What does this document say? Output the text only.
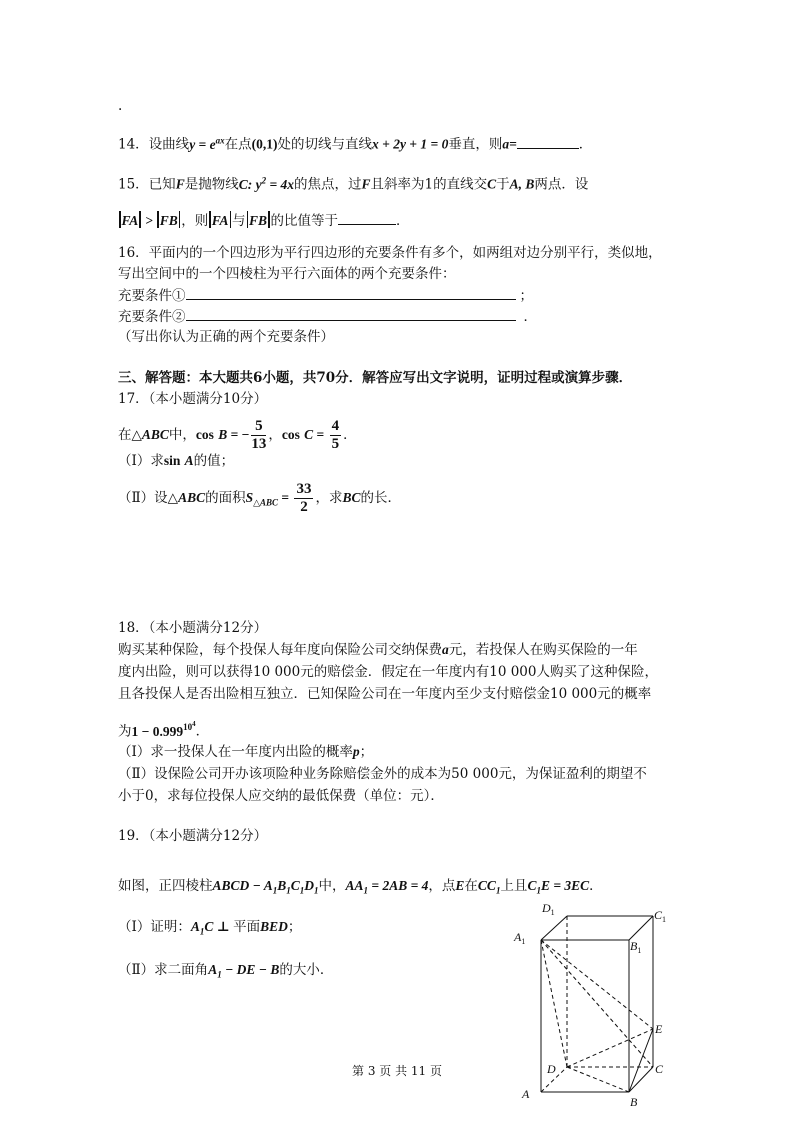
.
14．设曲线$y = e^{ax}$在点(0,1)处的切线与直线x + 2y + 1 = 0垂直，则a=	．
15．已知F是抛物线C: $y^2 = 4x$的焦点，过F且斜率为1的直线交C于A, B两点．设
FA > FB ，则 FA 与 FB 的比值等于	．
16．平面内的一个四边形为平行四边形的充要条件有多个，如两组对边分别平行，类似地，
写出空间中的一个四棱柱为平行六面体的两个充要条件：
充要条件①	；
充要条件②	．
（写出你认为正确的两个充要条件）
三、解答题：本大题共6小题，共70分．解答应写出文字说明，证明过程或演算步骤．
17．（本小题满分10分）
在△ABC中，cos B = − $\frac{5}{13}$ ，$\cos C = \frac{4}{5}$ ．
（Ⅰ）求sin A的值；
（Ⅱ）设△ABC的面积$S_{\triangle ABC} = \frac{33}{2}$ ，求BC的长．
18．（本小题满分12分）
购买某种保险，每个投保人每年度向保险公司交纳保费a元，若投保人在购买保险的一年
度内出险，则可以获得10 000元的赔偿金．假定在一年度内有10 000人购买了这种保险，
且各投保人是否出险相互独立．已知保险公司在一年度内至少支付赔偿金10 000元的概率
为$1 - 0.999^{10^4}$．
（Ⅰ）求一投保人在一年度内出险的概率p；
（Ⅱ）设保险公司开办该项险种业务除赔偿金外的成本为50 000元，为保证盈利的期望不
小于0，求每位投保人应交纳的最低保费（单位：元）．
19．（本小题满分12分）
如图，正四棱柱ABCD − $A_1B_1C_1D_1$中，$AA_1 = 2AB = 4$，点E在$CC_1$上且$C_1E = 3EC$．
（Ⅰ）证明：$A_1C$ ⊥ 平面BED；
（Ⅱ）求二面角$A_1$ − DE − B的大小．
$D_1$	$C_1$
$A_1$	$B_1$
E
D	C
A
B
第 3 页 共 11 页
